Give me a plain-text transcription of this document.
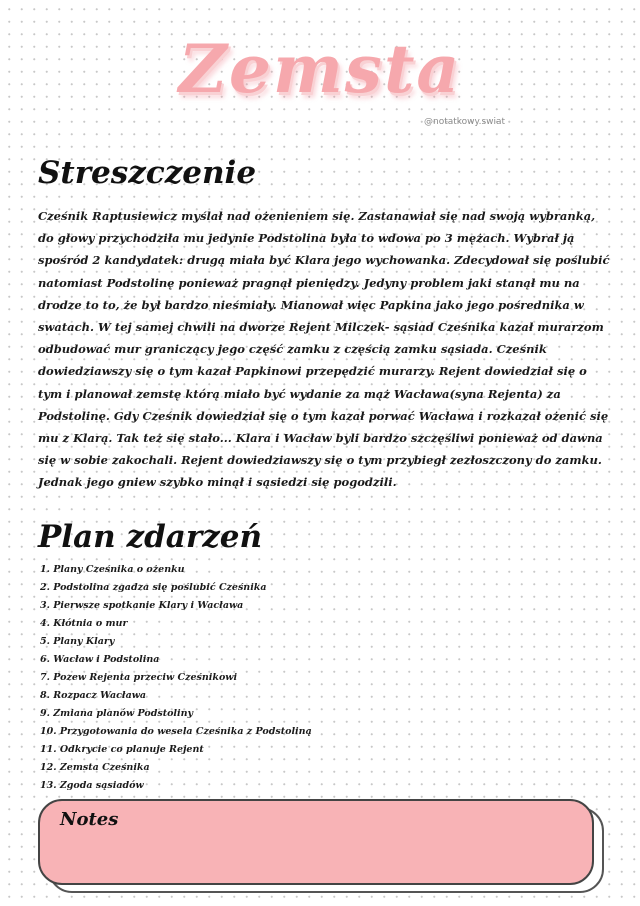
Zemsta
@notatkowy.swiat
Streszczenie

Cześnik Raptusiewicz myślał nad ożenieniem się. Zastanawiał się nad swoją wybranką, do głowy przychodziła mu jedynie Podstolina była to wdowa po 3 mężach. Wybrał ją spośród 2 kandydatek: drugą miała być Klara jego wychowanka. Zdecydował się poślubić natomiast Podstolinę ponieważ pragnął pieniędzy. Jedyny problem jaki stanął mu na drodze to to, że był bardzo nieśmiały. Mianował więc Papkina jako jego pośrednika w swatach. W tej samej chwili na dworze Rejent Milczek- sąsiad Cześnika kazał murarzom odbudować mur graniczący jego część zamku z częścią zamku sąsiada. Cześnik dowiedziawszy się o tym kazał Papkinowi przepędzić murarzy. Rejent dowiedział się o tym i planował zemstę którą miało być wydanie za mąż Wacława(syna Rejenta) za Podstolinę. Gdy Cześnik dowiedział się o tym kazał porwać Wacława i rozkazał ożenić się mu z Klarą. Tak też się stało... Klara i Wacław byli bardzo szczęśliwi ponieważ od dawna się w sobie zakochali. Rejent dowiedziawszy się o tym przybiegł zezłoszczony do zamku. Jednak jego gniew szybko minął i sąsiedzi się pogodzili.

Plan zdarzeń
1. Plany Cześnika o ożenku
2. Podstolina zgadza się poślubić Cześnika
3. Pierwsze spotkanie Klary i Wacława
4. Kłótnia o mur
5. Plany Klary
6. Wacław i Podstolina
7. Pozew Rejenta przeciw Cześnikowi
8. Rozpacz Wacława
9. Zmiana planów Podstoliny
10. Przygotowania do wesela Cześnika z Podstoliną
11. Odkrycie co planuje Rejent
12. Zemsta Cześnika
13. Zgoda sąsiadów
Notes
